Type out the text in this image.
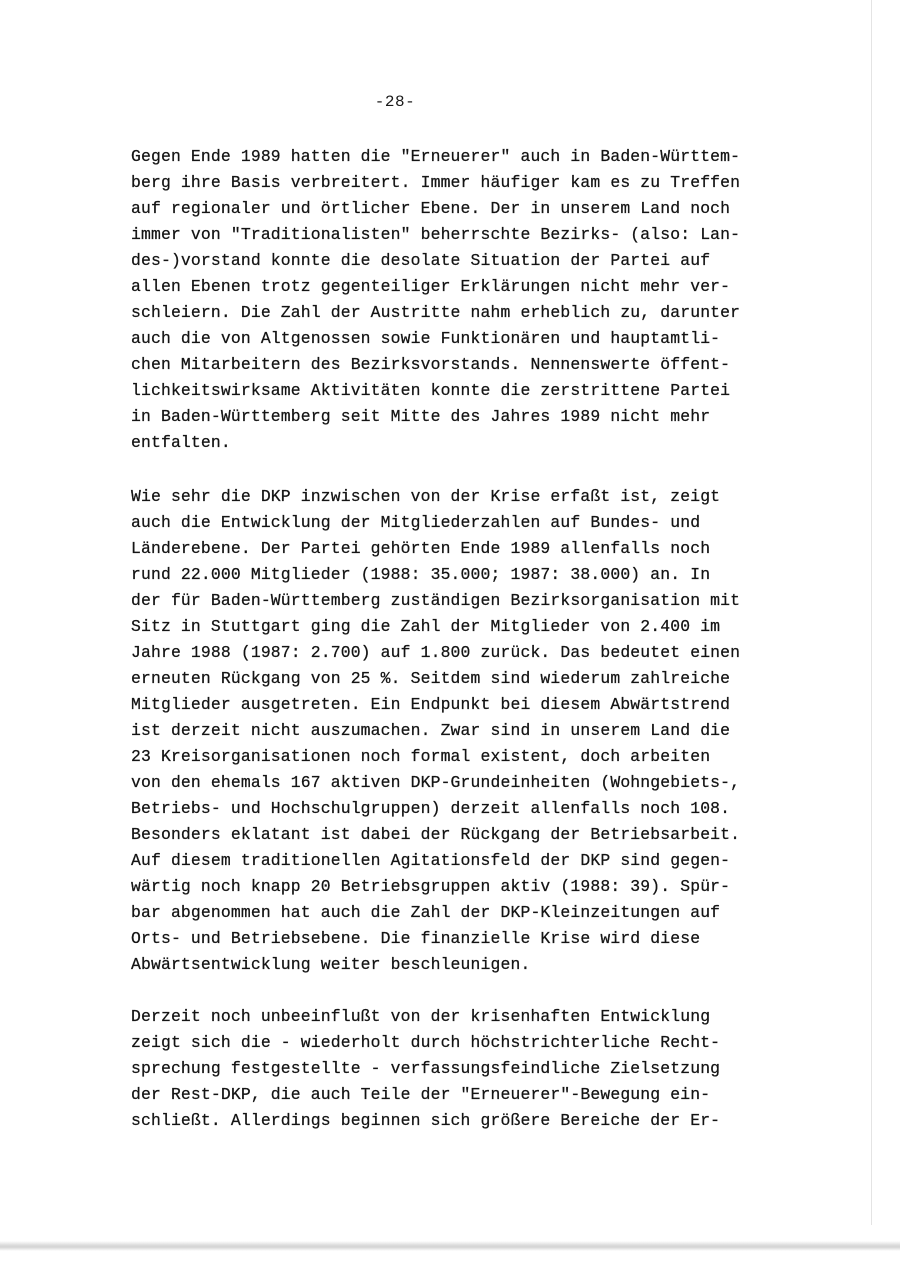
-28-
Gegen Ende 1989 hatten die "Erneuerer" auch in Baden-Württem-
berg ihre Basis verbreitert. Immer häufiger kam es zu Treffen
auf regionaler und örtlicher Ebene. Der in unserem Land noch
immer von "Traditionalisten" beherrschte Bezirks- (also: Lan-
des-)vorstand konnte die desolate Situation der Partei auf
allen Ebenen trotz gegenteiliger Erklärungen nicht mehr ver-
schleiern. Die Zahl der Austritte nahm erheblich zu, darunter
auch die von Altgenossen sowie Funktionären und hauptamtli-
chen Mitarbeitern des Bezirksvorstands. Nennenswerte öffent-
lichkeitswirksame Aktivitäten konnte die zerstrittene Partei
in Baden-Württemberg seit Mitte des Jahres 1989 nicht mehr
entfalten.
Wie sehr die DKP inzwischen von der Krise erfaßt ist, zeigt
auch die Entwicklung der Mitgliederzahlen auf Bundes- und
Länderebene. Der Partei gehörten Ende 1989 allenfalls noch
rund 22.000 Mitglieder (1988: 35.000; 1987: 38.000) an. In
der für Baden-Württemberg zuständigen Bezirksorganisation mit
Sitz in Stuttgart ging die Zahl der Mitglieder von 2.400 im
Jahre 1988 (1987: 2.700) auf 1.800 zurück. Das bedeutet einen
erneuten Rückgang von 25 %. Seitdem sind wiederum zahlreiche
Mitglieder ausgetreten. Ein Endpunkt bei diesem Abwärtstrend
ist derzeit nicht auszumachen. Zwar sind in unserem Land die
23 Kreisorganisationen noch formal existent, doch arbeiten
von den ehemals 167 aktiven DKP-Grundeinheiten (Wohngebiets-,
Betriebs- und Hochschulgruppen) derzeit allenfalls noch 108.
Besonders eklatant ist dabei der Rückgang der Betriebsarbeit.
Auf diesem traditionellen Agitationsfeld der DKP sind gegen-
wärtig noch knapp 20 Betriebsgruppen aktiv (1988: 39). Spür-
bar abgenommen hat auch die Zahl der DKP-Kleinzeitungen auf
Orts- und Betriebsebene. Die finanzielle Krise wird diese
Abwärtsentwicklung weiter beschleunigen.
Derzeit noch unbeeinflußt von der krisenhaften Entwicklung
zeigt sich die - wiederholt durch höchstrichterliche Recht-
sprechung festgestellte - verfassungsfeindliche Zielsetzung
der Rest-DKP, die auch Teile der "Erneuerer"-Bewegung ein-
schließt. Allerdings beginnen sich größere Bereiche der Er-
